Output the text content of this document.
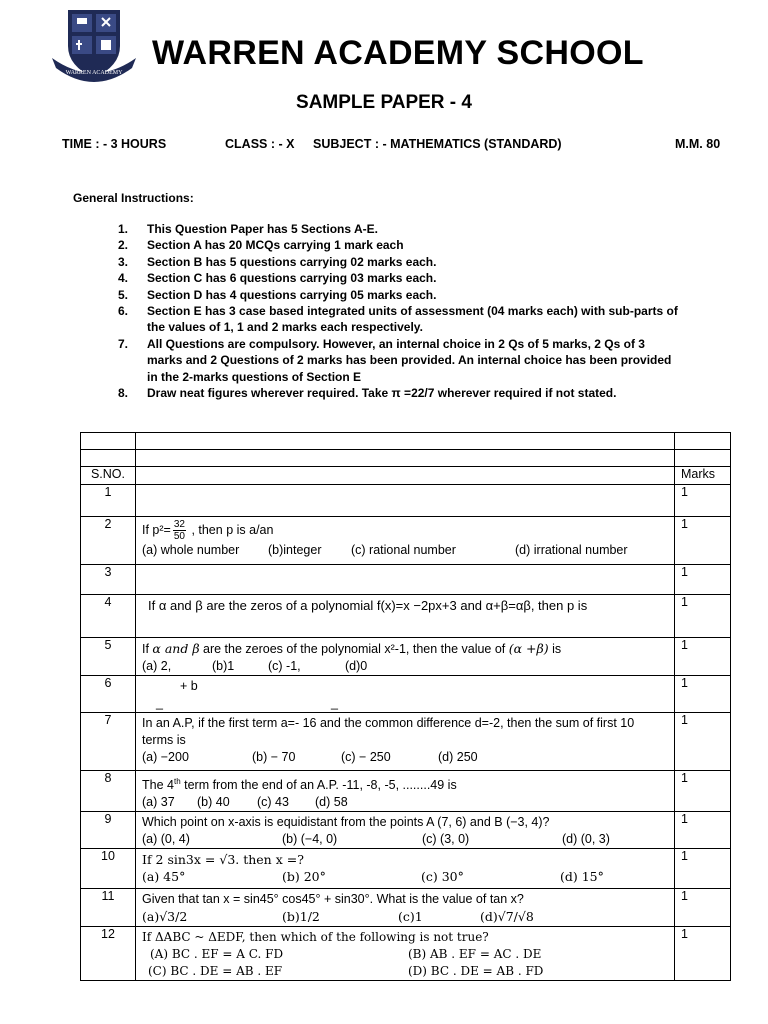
WARREN ACADEMY
WARREN ACADEMY SCHOOL
SAMPLE PAPER - 4
TIME : - 3 HOURS	CLASS : - X SUBJECT : - MATHEMATICS (STANDARD)	M.M. 80
General Instructions:
1. This Question Paper has 5 Sections A-E.
2. Section A has 20 MCQs carrying 1 mark each
3. Section B has 5 questions carrying 02 marks each.
4. Section C has 6 questions carrying 03 marks each.
5. Section D has 4 questions carrying 05 marks each.
6. Section E has 3 case based integrated units of assessment (04 marks each) with sub-parts of the values of 1, 1 and 2 marks each respectively.
7. All Questions are compulsory. However, an internal choice in 2 Qs of 5 marks, 2 Qs of 3 marks and 2 Questions of 2 marks has been provided. An internal choice has been provided in the 2-marks questions of Section E
8. Draw neat figures wherever required. Take π =22/7 wherever required if not stated.

S.NO.		Marks
1		1
2	If $p^2= \frac{32}{50}$ , then p is a/an
(a) whole number (b)integer (c) rational number (d) irrational number	1
3		1
4	If α and β are the zeros of a polynomial f(x)=x −2px+3 and α+β=αβ, then p is	1
5	If α and β are the zeroes of the polynomial x²-1, then the value of (α +β) is
(a) 2, (b)1 (c) -1, (d)0	1
6	+ b
_ _	1
7	In an A.P, if the first term a=- 16 and the common difference d=-2, then the sum of first 10 terms is
(a) −200 (b) − 70 (c) − 250 (d) 250	1
8	The 4th term from the end of an A.P. -11, -8, -5, ........49 is
(a) 37 (b) 40 (c) 43 (d) 58	1
9	Which point on x-axis is equidistant from the points A (7, 6) and B (−3, 4)?
(a) (0, 4) (b) (−4, 0) (c) (3, 0) (d) (0, 3)	1
10	If 2 sin3x = √3. then x =?
(a) 45° (b) 20° (c) 30° (d) 15°	1
11	Given that tan x = sin45° cos45° + sin30°. What is the value of tan x?
(a)√3/2 (b)1/2 (c)1 (d)√7/√8	1
12	If ΔABC ~ ΔEDF, then which of the following is not true?
(A) BC . EF = A C. FD (B) AB . EF = AC . DE
(C) BC . DE = AB . EF (D) BC . DE = AB . FD	1
